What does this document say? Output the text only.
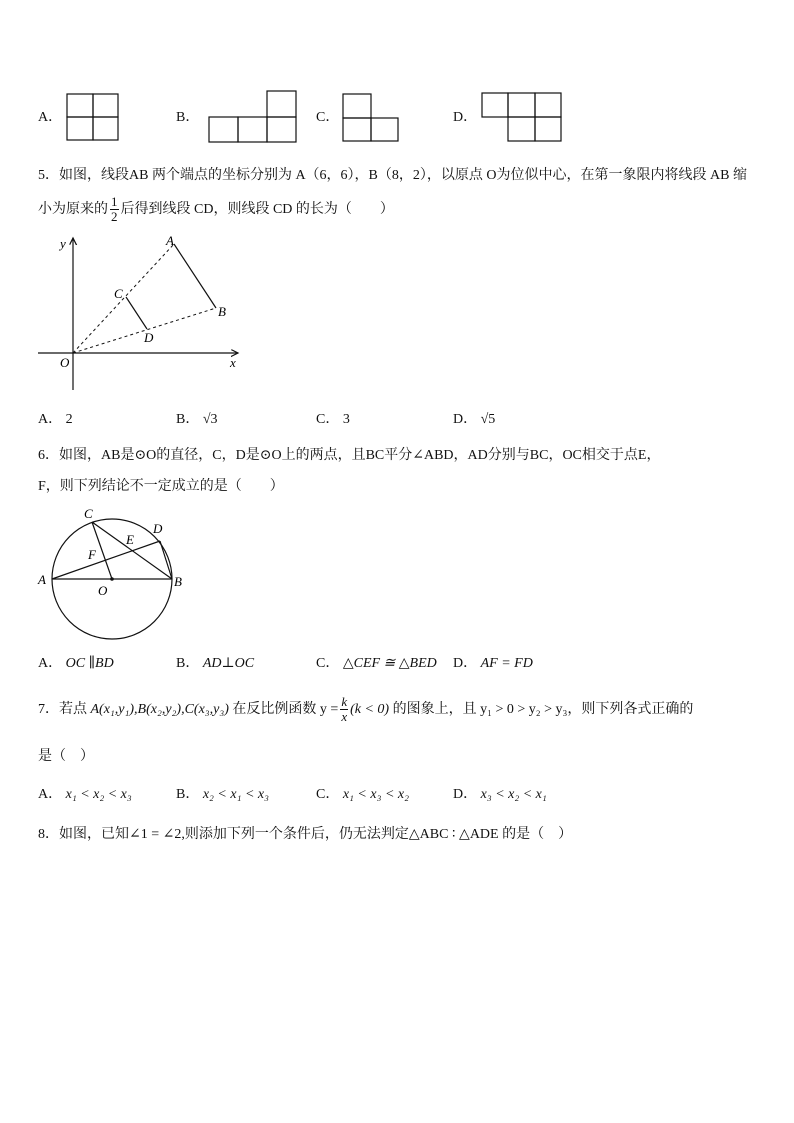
A．	B．	C．	D．
5．如图，线段AB 两个端点的坐标分别为 A（6，6），B（8，2），以原点 O为位似中心，在第一象限内将线段 AB 缩
小为原来的 $\frac{1}{2}$ 后得到线段 CD，则线段 CD 的长为（　　）
y
x
O
A
B
C
D
A． 2	B． √3	C． 3	D． √5
6．如图，AB是⊙O的直径，C，D是⊙O上的两点，且BC平分∠ABD，AD分别与BC，OC相交于点E，
F，则下列结论不一定成立的是（　　）
A	B
C
D
E
F
O
A． OC ∥BD	B． AD⊥OC	C． △CEF ≅ △BED D． AF = FD
7．若点 A(x₁,y₁),B(x₂,y₂),C(x₃,y₃) 在反比例函数 $y = \frac{k}{x} (k < 0)$ 的图象上，且 y₁ > 0 > y₂ > y₃，则下列各式正确的
是（　）
A． x₁ < x₂ < x₃	B． x₂ < x₁ < x₃	C． x₁ < x₃ < x₂	D． x₃ < x₂ < x₁
8．如图，已知∠1 = ∠2,则添加下列一个条件后，仍无法判定△ABC ∶ △ADE 的是（　）
